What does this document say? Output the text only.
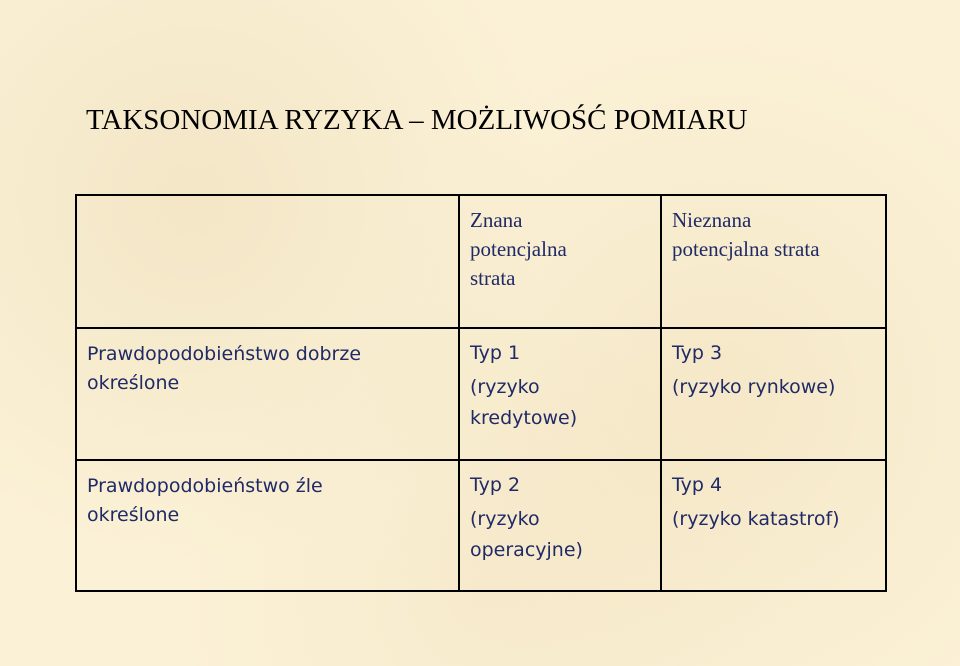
TAKSONOMIA RYZYKA – MOŻLIWOŚĆ POMIARU
Znana
potencjalna
strata
Nieznana
potencjalna strata
Prawdopodobieństwo dobrze
określone
Typ 1
(ryzyko
kredytowe)
Typ 3
(ryzyko rynkowe)
Prawdopodobieństwo źle
określone
Typ 2
(ryzyko
operacyjne)
Typ 4
(ryzyko katastrof)
